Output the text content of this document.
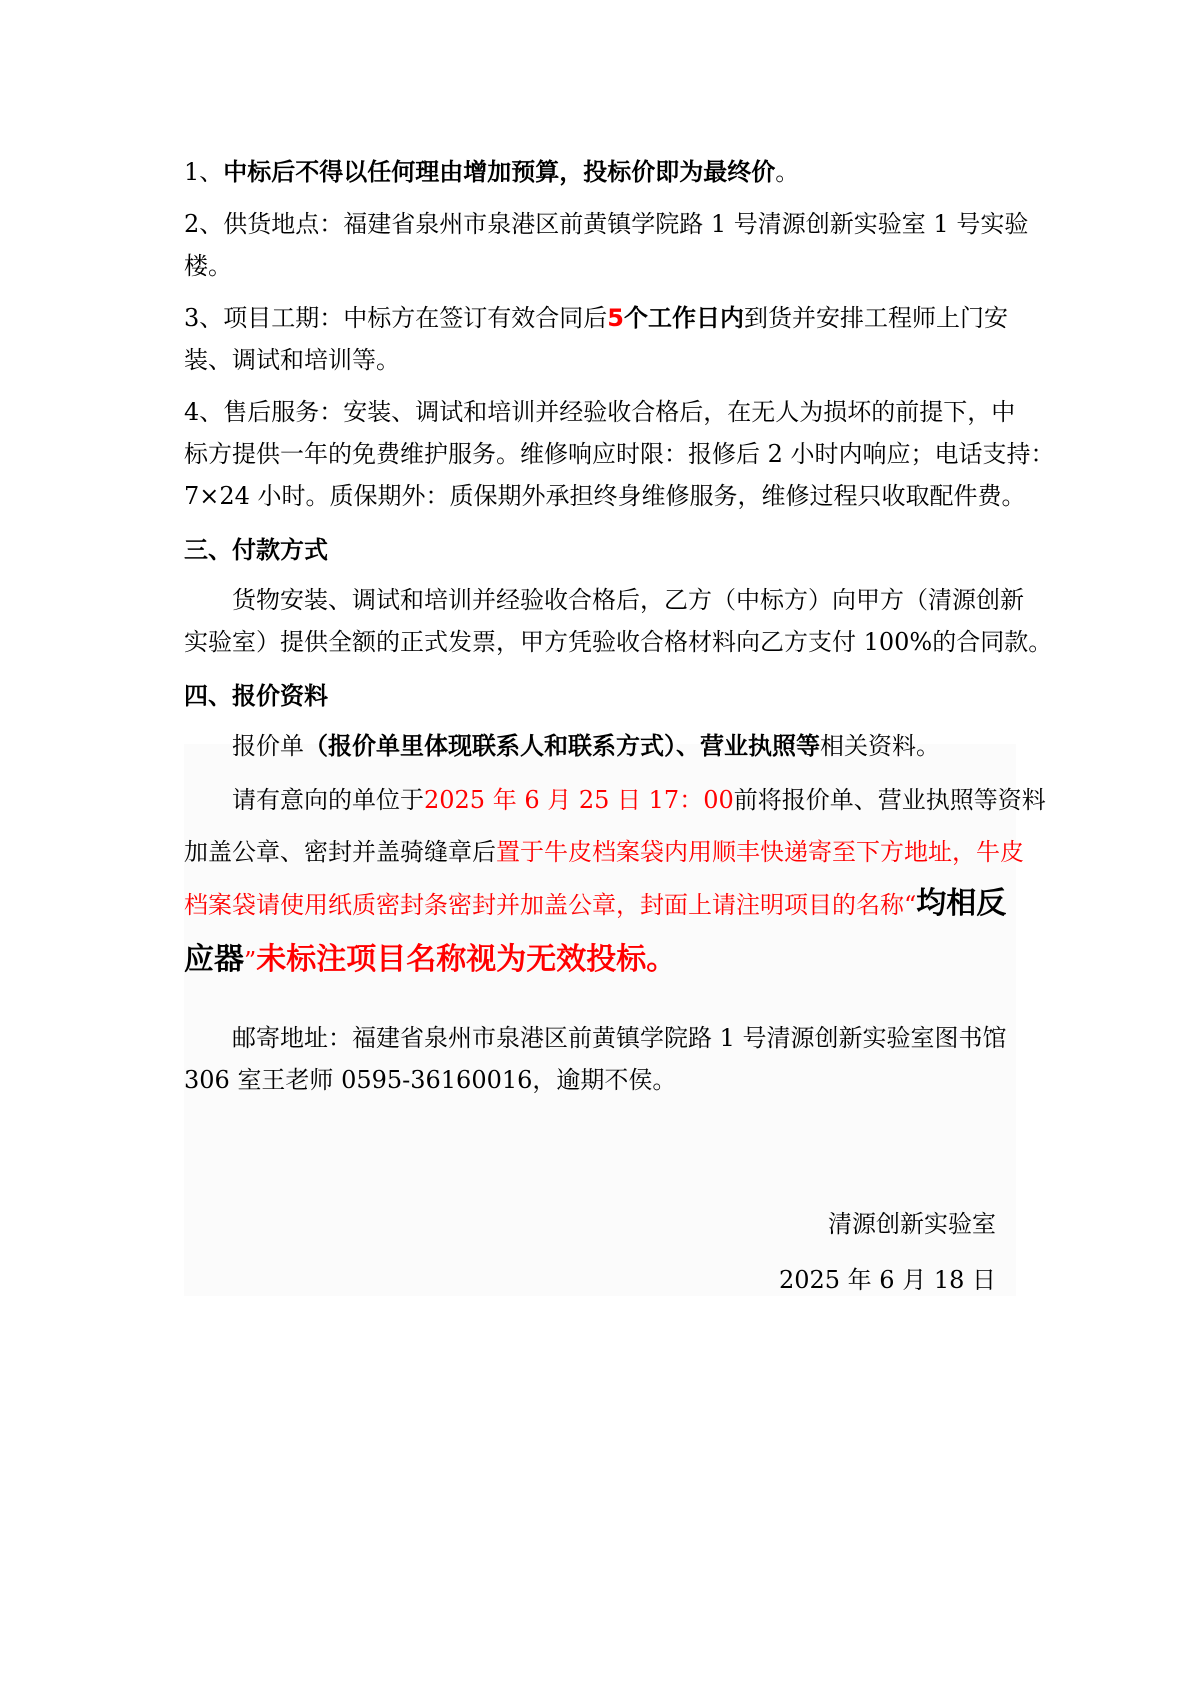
1、中标后不得以任何理由增加预算，投标价即为最终价。

2、供货地点：福建省泉州市泉港区前黄镇学院路 1 号清源创新实验室 1 号实验

楼。

3、项目工期：中标方在签订有效合同后5个工作日内到货并安排工程师上门安

装、调试和培训等。

4、售后服务：安装、调试和培训并经验收合格后，在无人为损坏的前提下，中

标方提供一年的免费维护服务。维修响应时限：报修后 2 小时内响应；电话支持：

7×24 小时。质保期外：质保期外承担终身维修服务，维修过程只收取配件费。

三、付款方式

货物安装、调试和培训并经验收合格后，乙方（中标方）向甲方（清源创新

实验室）提供全额的正式发票，甲方凭验收合格材料向乙方支付 100%的合同款。

四、报价资料

报价单（报价单里体现联系人和联系方式）、营业执照等相关资料。

请有意向的单位于2025 年 6 月 25 日 17：00前将报价单、营业执照等资料

加盖公章、密封并盖骑缝章后置于牛皮档案袋内用顺丰快递寄至下方地址，牛皮

档案袋请使用纸质密封条密封并加盖公章，封面上请注明项目的名称“均相反

应器”未标注项目名称视为无效投标。

邮寄地址：福建省泉州市泉港区前黄镇学院路 1 号清源创新实验室图书馆

306 室王老师 0595-36160016，逾期不侯。

清源创新实验室

2025 年 6 月 18 日
